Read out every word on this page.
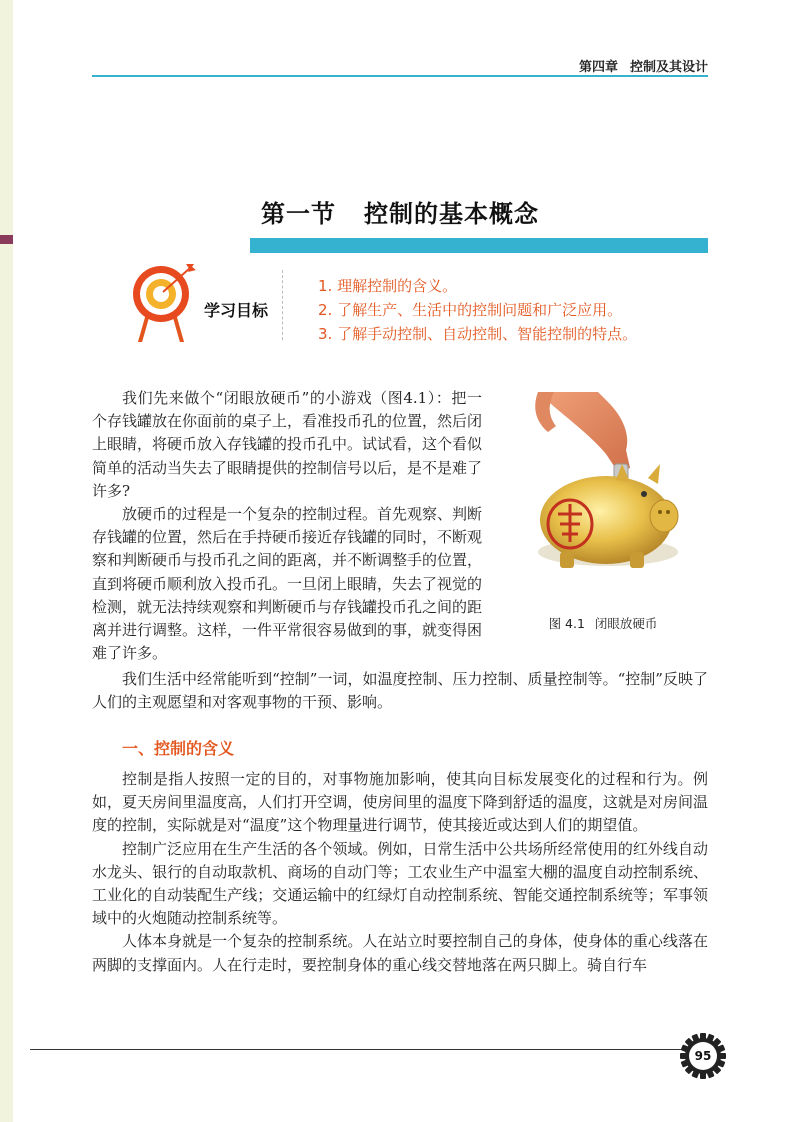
第四章 控制及其设计
第一节 控制的基本概念
学习目标
1. 理解控制的含义。
2. 了解生产、生活中的控制问题和广泛应用。
3. 了解手动控制、自动控制、智能控制的特点。

我们先来做个“闭眼放硬币”的小游戏（图4.1）：把一个存钱罐放在你面前的桌子上，看准投币孔的位置，然后闭上眼睛，将硬币放入存钱罐的投币孔中。试试看，这个看似简单的活动当失去了眼睛提供的控制信号以后，是不是难了许多?

放硬币的过程是一个复杂的控制过程。首先观察、判断存钱罐的位置，然后在手持硬币接近存钱罐的同时，不断观察和判断硬币与投币孔之间的距离，并不断调整手的位置，直到将硬币顺利放入投币孔。一旦闭上眼睛，失去了视觉的检测，就无法持续观察和判断硬币与存钱罐投币孔之间的距离并进行调整。这样，一件平常很容易做到的事，就变得困难了许多。

图 4.1 闭眼放硬币

我们生活中经常能听到“控制”一词，如温度控制、压力控制、质量控制等。“控制”反映了人们的主观愿望和对客观事物的干预、影响。

一、控制的含义

控制是指人按照一定的目的，对事物施加影响，使其向目标发展变化的过程和行为。例如，夏天房间里温度高，人们打开空调，使房间里的温度下降到舒适的温度，这就是对房间温度的控制，实际就是对“温度”这个物理量进行调节，使其接近或达到人们的期望值。

控制广泛应用在生产生活的各个领域。例如，日常生活中公共场所经常使用的红外线自动水龙头、银行的自动取款机、商场的自动门等；工农业生产中温室大棚的温度自动控制系统、工业化的自动装配生产线；交通运输中的红绿灯自动控制系统、智能交通控制系统等；军事领域中的火炮随动控制系统等。

人体本身就是一个复杂的控制系统。人在站立时要控制自己的身体，使身体的重心线落在两脚的支撑面内。人在行走时，要控制身体的重心线交替地落在两只脚上。骑自行车

95
